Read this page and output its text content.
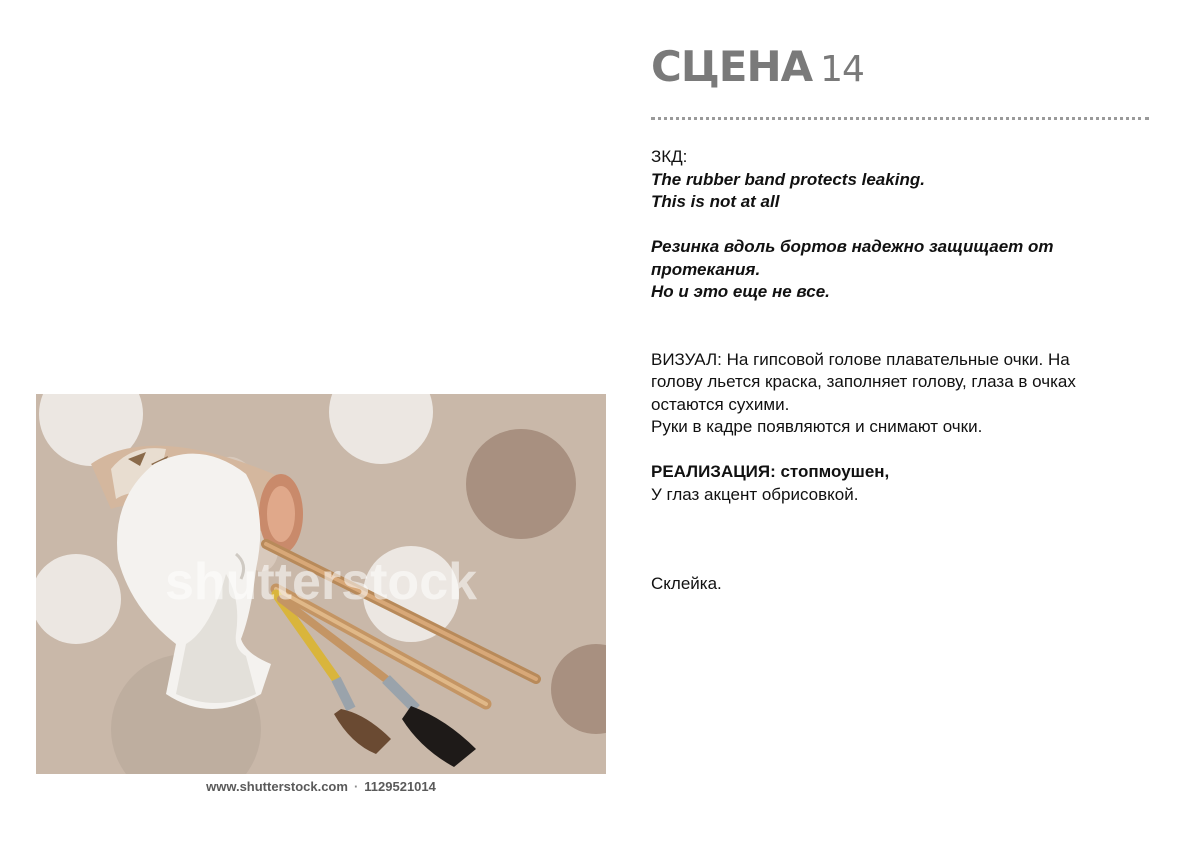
СЦЕНА 14
ЗКД:
The rubber band protects leaking.
This is not at all
Резинка вдоль бортов надежно защищает от
протекания.
Но и это еще не все.
ВИЗУАЛ: На гипсовой голове плавательные очки. На
голову льется краска, заполняет голову, глаза в очках
остаются сухими.
Руки в кадре появляются и снимают очки.
РЕАЛИЗАЦИЯ: стопмоушен,
У глаз акцент обрисовкой.
Склейка.
shutterstock
www.shutterstock.com · 1129521014
